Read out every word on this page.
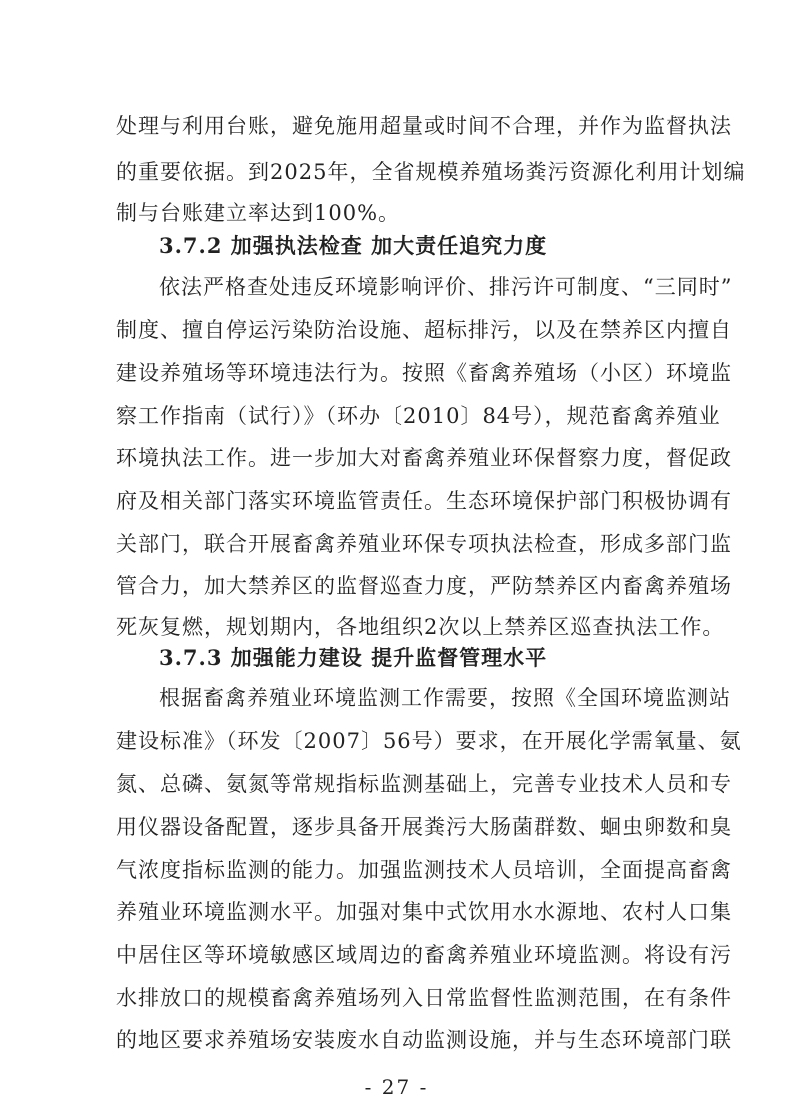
处理与利用台账，避免施用超量或时间不合理，并作为监督执法
的重要依据。到2025年，全省规模养殖场粪污资源化利用计划编
制与台账建立率达到100%。
3.7.2 加强执法检查 加大责任追究力度
依法严格查处违反环境影响评价、排污许可制度、“三同时”
制度、擅自停运污染防治设施、超标排污，以及在禁养区内擅自
建设养殖场等环境违法行为。按照《畜禽养殖场（小区）环境监
察工作指南（试行）》（环办〔2010〕84号），规范畜禽养殖业
环境执法工作。进一步加大对畜禽养殖业环保督察力度，督促政
府及相关部门落实环境监管责任。生态环境保护部门积极协调有
关部门，联合开展畜禽养殖业环保专项执法检查，形成多部门监
管合力，加大禁养区的监督巡查力度，严防禁养区内畜禽养殖场
死灰复燃，规划期内，各地组织2次以上禁养区巡查执法工作。
3.7.3 加强能力建设 提升监督管理水平
根据畜禽养殖业环境监测工作需要，按照《全国环境监测站
建设标准》（环发〔2007〕56号）要求，在开展化学需氧量、氨
氮、总磷、氨氮等常规指标监测基础上，完善专业技术人员和专
用仪器设备配置，逐步具备开展粪污大肠菌群数、蛔虫卵数和臭
气浓度指标监测的能力。加强监测技术人员培训，全面提高畜禽
养殖业环境监测水平。加强对集中式饮用水水源地、农村人口集
中居住区等环境敏感区域周边的畜禽养殖业环境监测。将设有污
水排放口的规模畜禽养殖场列入日常监督性监测范围，在有条件
的地区要求养殖场安装废水自动监测设施，并与生态环境部门联
- 27 -
